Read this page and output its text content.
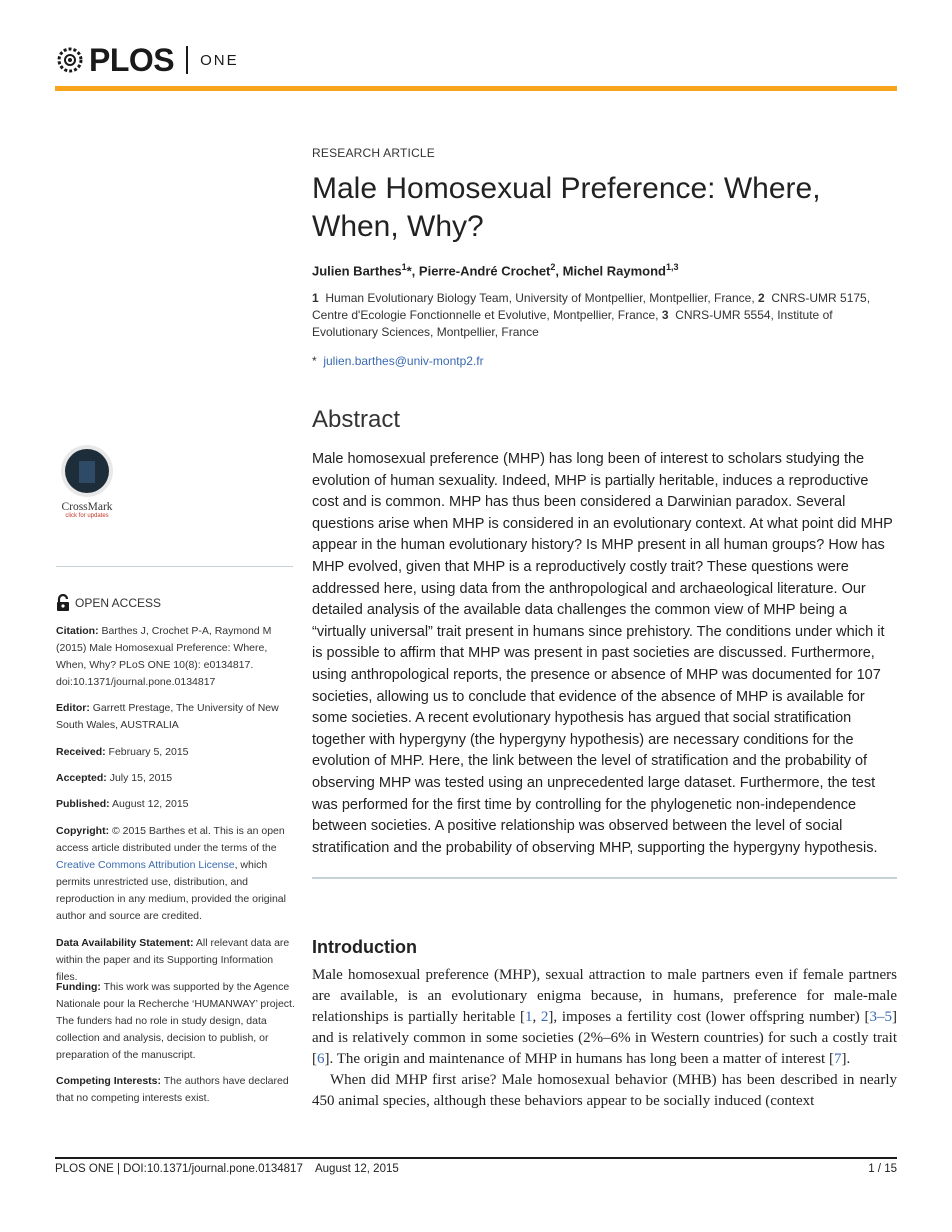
PLOS ONE
RESEARCH ARTICLE
Male Homosexual Preference: Where, When, Why?
Julien Barthes$^1$*, Pierre-André Crochet$^2$, Michel Raymond$^{1,3}$
1 Human Evolutionary Biology Team, University of Montpellier, Montpellier, France, 2 CNRS-UMR 5175, Centre d'Ecologie Fonctionnelle et Evolutive, Montpellier, France, 3 CNRS-UMR 5554, Institute of Evolutionary Sciences, Montpellier, France
* julien.barthes@univ-montp2.fr
Abstract
Male homosexual preference (MHP) has long been of interest to scholars studying the evolution of human sexuality. Indeed, MHP is partially heritable, induces a reproductive cost and is common. MHP has thus been considered a Darwinian paradox. Several questions arise when MHP is considered in an evolutionary context. At what point did MHP appear in the human evolutionary history? Is MHP present in all human groups? How has MHP evolved, given that MHP is a reproductively costly trait? These questions were addressed here, using data from the anthropological and archaeological literature. Our detailed analysis of the available data challenges the common view of MHP being a “virtually universal” trait present in humans since prehistory. The conditions under which it is possible to affirm that MHP was present in past societies are discussed. Furthermore, using anthropological reports, the presence or absence of MHP was documented for 107 societies, allowing us to conclude that evidence of the absence of MHP is available for some societies. A recent evolutionary hypothesis has argued that social stratification together with hypergyny (the hypergyny hypothesis) are necessary conditions for the evolution of MHP. Here, the link between the level of stratification and the probability of observing MHP was tested using an unprecedented large dataset. Furthermore, the test was performed for the first time by controlling for the phylogenetic non-independence between societies. A positive relationship was observed between the level of social stratification and the probability of observing MHP, supporting the hypergyny hypothesis.
Introduction

Male homosexual preference (MHP), sexual attraction to male partners even if female partners are available, is an evolutionary enigma because, in humans, preference for male-male relationships is partially heritable [1, 2], imposes a fertility cost (lower offspring number) [3–5] and is relatively common in some societies (2%–6% in Western countries) for such a costly trait [6]. The origin and maintenance of MHP in humans has long been a matter of interest [7].

When did MHP first arise? Male homosexual behavior (MHB) has been described in nearly 450 animal species, although these behaviors appear to be socially induced (context

CrossMark
click for updates
OPEN ACCESS
Citation: Barthes J, Crochet P-A, Raymond M (2015) Male Homosexual Preference: Where, When, Why? PLoS ONE 10(8): e0134817. doi:10.1371/journal.pone.0134817
Editor: Garrett Prestage, The University of New South Wales, AUSTRALIA
Received: February 5, 2015
Accepted: July 15, 2015
Published: August 12, 2015
Copyright: © 2015 Barthes et al. This is an open access article distributed under the terms of the Creative Commons Attribution License, which permits unrestricted use, distribution, and reproduction in any medium, provided the original author and source are credited.
Data Availability Statement: All relevant data are within the paper and its Supporting Information files.
Funding: This work was supported by the Agence Nationale pour la Recherche ‘HUMANWAY’ project. The funders had no role in study design, data collection and analysis, decision to publish, or preparation of the manuscript.
Competing Interests: The authors have declared that no competing interests exist.
PLOS ONE | DOI:10.1371/journal.pone.0134817    August 12, 2015	1 / 15
